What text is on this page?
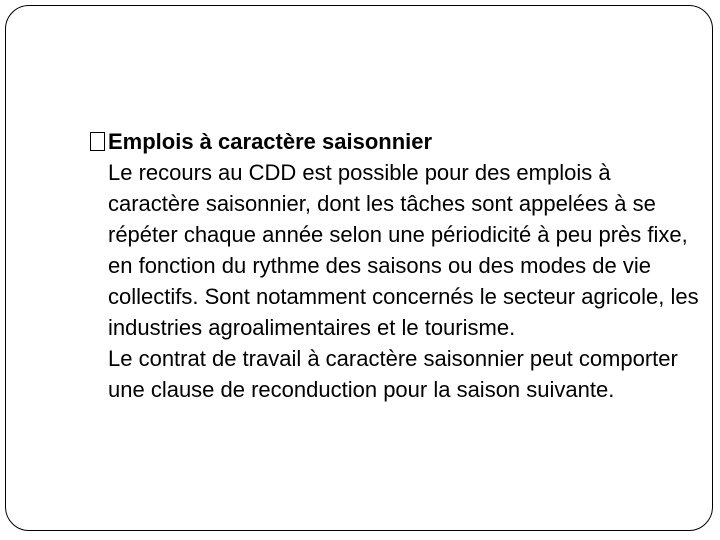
Emplois à caractère saisonnier

Le recours au CDD est possible pour des emplois à caractère saisonnier, dont les tâches sont appelées à se répéter chaque année selon une périodicité à peu près fixe, en fonction du rythme des saisons ou des modes de vie collectifs. Sont notamment concernés le secteur agricole, les industries agroalimentaires et le tourisme.

Le contrat de travail à caractère saisonnier peut comporter une clause de reconduction pour la saison suivante.
